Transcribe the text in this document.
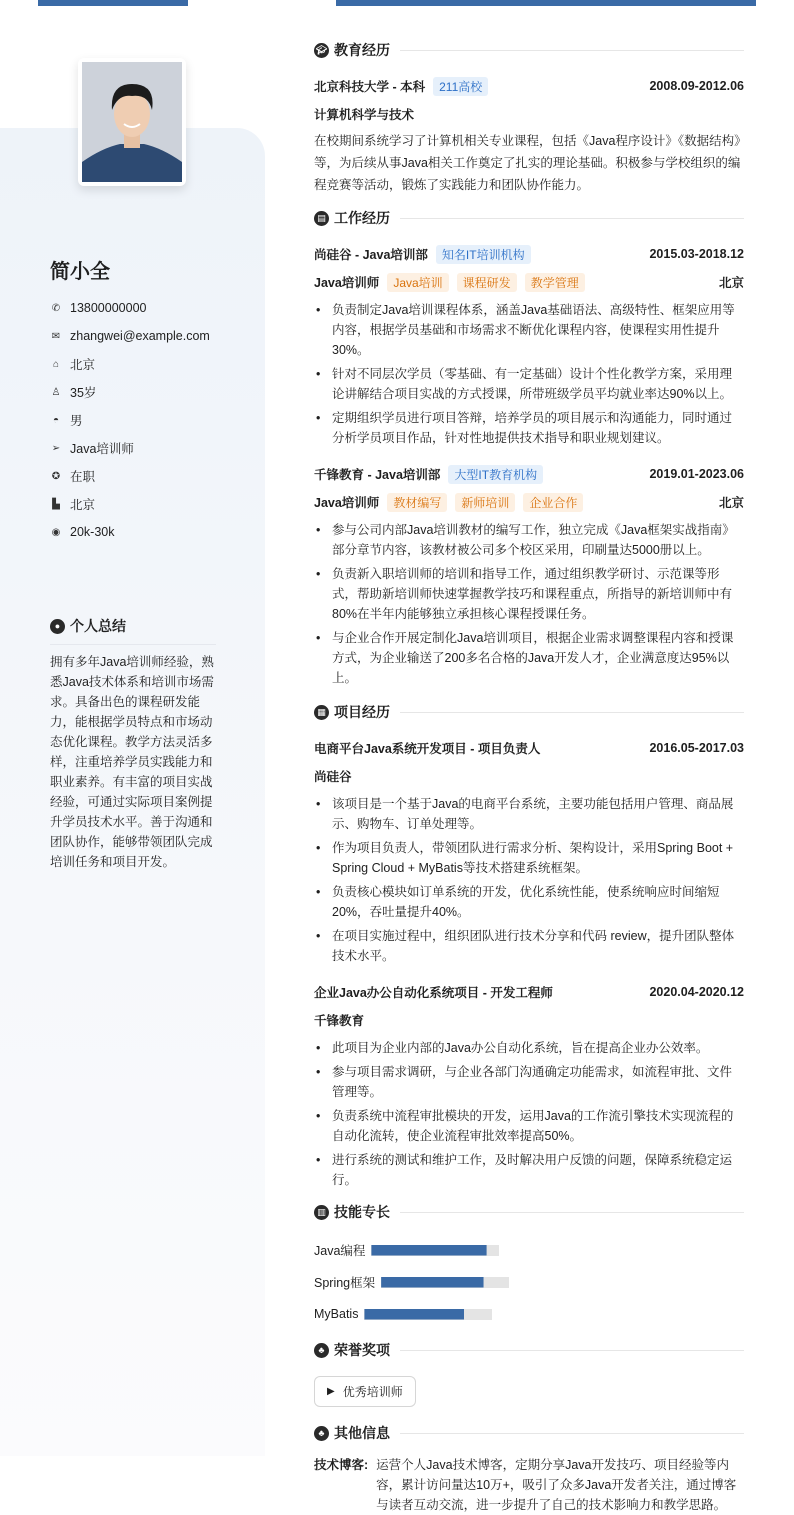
简小全
✆ 13800000000
✉ zhangwei@example.com
⌂ 北京
♙ 35岁
◓ 男
➢ Java培训师
✪ 在职
▙ 北京
◉ 20k-30k
● 个人总结
拥有多年Java培训师经验，熟悉Java技术体系和培训市场需求。具备出色的课程研发能力，能根据学员特点和市场动态优化课程。教学方法灵活多样，注重培养学员实践能力和职业素养。有丰富的项目实战经验，可通过实际项目案例提升学员技术水平。善于沟通和团队协作，能够带领团队完成培训任务和项目开发。
🎓︎ 教育经历
北京科技大学 - 本科	211高校	2008.09-2012.06
计算机科学与技术
在校期间系统学习了计算机相关专业课程，包括《Java程序设计》《数据结构》等，为后续从事Java相关工作奠定了扎实的理论基础。积极参与学校组织的编程竞赛等活动，锻炼了实践能力和团队协作能力。
▤ 工作经历
尚硅谷 - Java培训部	知名IT培训机构	2015.03-2018.12
Java培训师	Java培训	课程研发	教学管理	北京
• 负责制定Java培训课程体系，涵盖Java基础语法、高级特性、框架应用等内容，根据学员基础和市场需求不断优化课程内容，使课程实用性提升30%。
• 针对不同层次学员（零基础、有一定基础）设计个性化教学方案，采用理论讲解结合项目实战的方式授课，所带班级学员平均就业率达90%以上。
• 定期组织学员进行项目答辩，培养学员的项目展示和沟通能力，同时通过分析学员项目作品，针对性地提供技术指导和职业规划建议。
千锋教育 - Java培训部	大型IT教育机构	2019.01-2023.06
Java培训师	教材编写	新师培训	企业合作	北京
• 参与公司内部Java培训教材的编写工作，独立完成《Java框架实战指南》部分章节内容，该教材被公司多个校区采用，印刷量达5000册以上。
• 负责新入职培训师的培训和指导工作，通过组织教学研讨、示范课等形式，帮助新培训师快速掌握教学技巧和课程重点，所指导的新培训师中有80%在半年内能够独立承担核心课程授课任务。
• 与企业合作开展定制化Java培训项目，根据企业需求调整课程内容和授课方式，为企业输送了200多名合格的Java开发人才，企业满意度达95%以上。
▦ 项目经历
电商平台Java系统开发项目 - 项目负责人	2016.05-2017.03
尚硅谷
• 该项目是一个基于Java的电商平台系统，主要功能包括用户管理、商品展示、购物车、订单处理等。
• 作为项目负责人，带领团队进行需求分析、架构设计，采用Spring Boot + Spring Cloud + MyBatis等技术搭建系统框架。
• 负责核心模块如订单系统的开发，优化系统性能，使系统响应时间缩短20%，吞吐量提升40%。
• 在项目实施过程中，组织团队进行技术分享和代码 review，提升团队整体技术水平。
企业Java办公自动化系统项目 - 开发工程师	2020.04-2020.12
千锋教育
• 此项目为企业内部的Java办公自动化系统，旨在提高企业办公效率。
• 参与项目需求调研，与企业各部门沟通确定功能需求，如流程审批、文件管理等。
• 负责系统中流程审批模块的开发，运用Java的工作流引擎技术实现流程的自动化流转，使企业流程审批效率提高50%。
• 进行系统的测试和维护工作，及时解决用户反馈的问题，保障系统稳定运行。
▥ 技能专长
Java编程
Spring框架
MyBatis
♣ 荣誉奖项
▶ 优秀培训师
♣ 其他信息
技术博客: 运营个人Java技术博客，定期分享Java开发技巧、项目经验等内容，累计访问量达10万+，吸引了众多Java开发者关注，通过博客与读者互动交流，进一步提升了自己的技术影响力和教学思路。
